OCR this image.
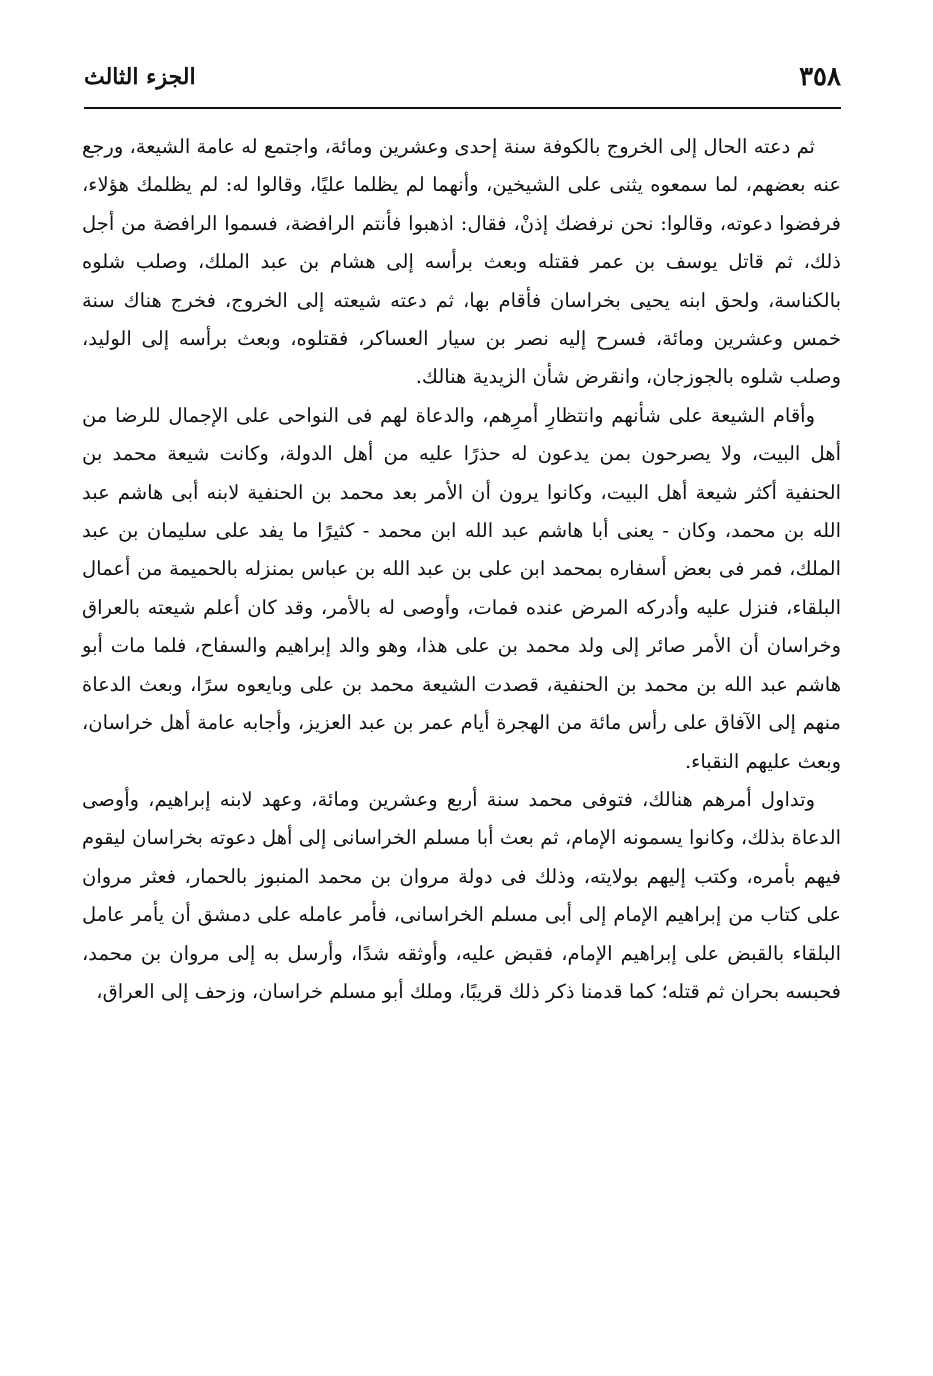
٣٥٨
الجزء الثالث

ثم دعته الحال إلى الخروج بالكوفة سنة إحدى وعشرين ومائة، واجتمع له عامة الشيعة، ورجع عنه بعضهم، لما سمعوه يثنى على الشيخين، وأنهما لم يظلما عليًا، وقالوا له: لم يظلمك هؤلاء، فرفضوا دعوته، وقالوا: نحن نرفضك إذنْ، فقال: اذهبوا فأنتم الرافضة، فسموا الرافضة من أجل ذلك، ثم قاتل يوسف بن عمر فقتله وبعث برأسه إلى هشام بن عبد الملك، وصلب شلوه بالكناسة، ولحق ابنه يحيى بخراسان فأقام بها، ثم دعته شيعته إلى الخروج، فخرج هناك سنة خمس وعشرين ومائة، فسرح إليه نصر بن سيار العساكر، فقتلوه، وبعث برأسه إلى الوليد، وصلب شلوه بالجوزجان، وانقرض شأن الزيدية هنالك.

وأقام الشيعة على شأنهم وانتظارِ أمرِهم، والدعاة لهم فى النواحى على الإجمال للرضا من أهل البيت، ولا يصرحون بمن يدعون له حذرًا عليه من أهل الدولة، وكانت شيعة محمد بن الحنفية أكثر شيعة أهل البيت، وكانوا يرون أن الأمر بعد محمد بن الحنفية لابنه أبى هاشم عبد الله بن محمد، وكان - يعنى أبا هاشم عبد الله ابن محمد - كثيرًا ما يفد على سليمان بن عبد الملك، فمر فى بعض أسفاره بمحمد ابن على بن عبد الله بن عباس بمنزله بالحميمة من أعمال البلقاء، فنزل عليه وأدركه المرض عنده فمات، وأوصى له بالأمر، وقد كان أعلم شيعته بالعراق وخراسان أن الأمر صائر إلى ولد محمد بن على هذا، وهو والد إبراهيم والسفاح، فلما مات أبو هاشم عبد الله بن محمد بن الحنفية، قصدت الشيعة محمد بن على وبايعوه سرًا، وبعث الدعاة منهم إلى الآفاق على رأس مائة من الهجرة أيام عمر بن عبد العزيز، وأجابه عامة أهل خراسان، وبعث عليهم النقباء.

وتداول أمرهم هنالك، فتوفى محمد سنة أربع وعشرين ومائة، وعهد لابنه إبراهيم، وأوصى الدعاة بذلك، وكانوا يسمونه الإمام، ثم بعث أبا مسلم الخراسانى إلى أهل دعوته بخراسان ليقوم فيهم بأمره، وكتب إليهم بولايته، وذلك فى دولة مروان بن محمد المنبوز بالحمار، فعثر مروان على كتاب من إبراهيم الإمام إلى أبى مسلم الخراسانى، فأمر عامله على دمشق أن يأمر عامل البلقاء بالقبض على إبراهيم الإمام، فقبض عليه، وأوثقه شدًا، وأرسل به إلى مروان بن محمد، فحبسه بحران ثم قتله؛ كما قدمنا ذكر ذلك قريبًا، وملك أبو مسلم خراسان، وزحف إلى العراق،
